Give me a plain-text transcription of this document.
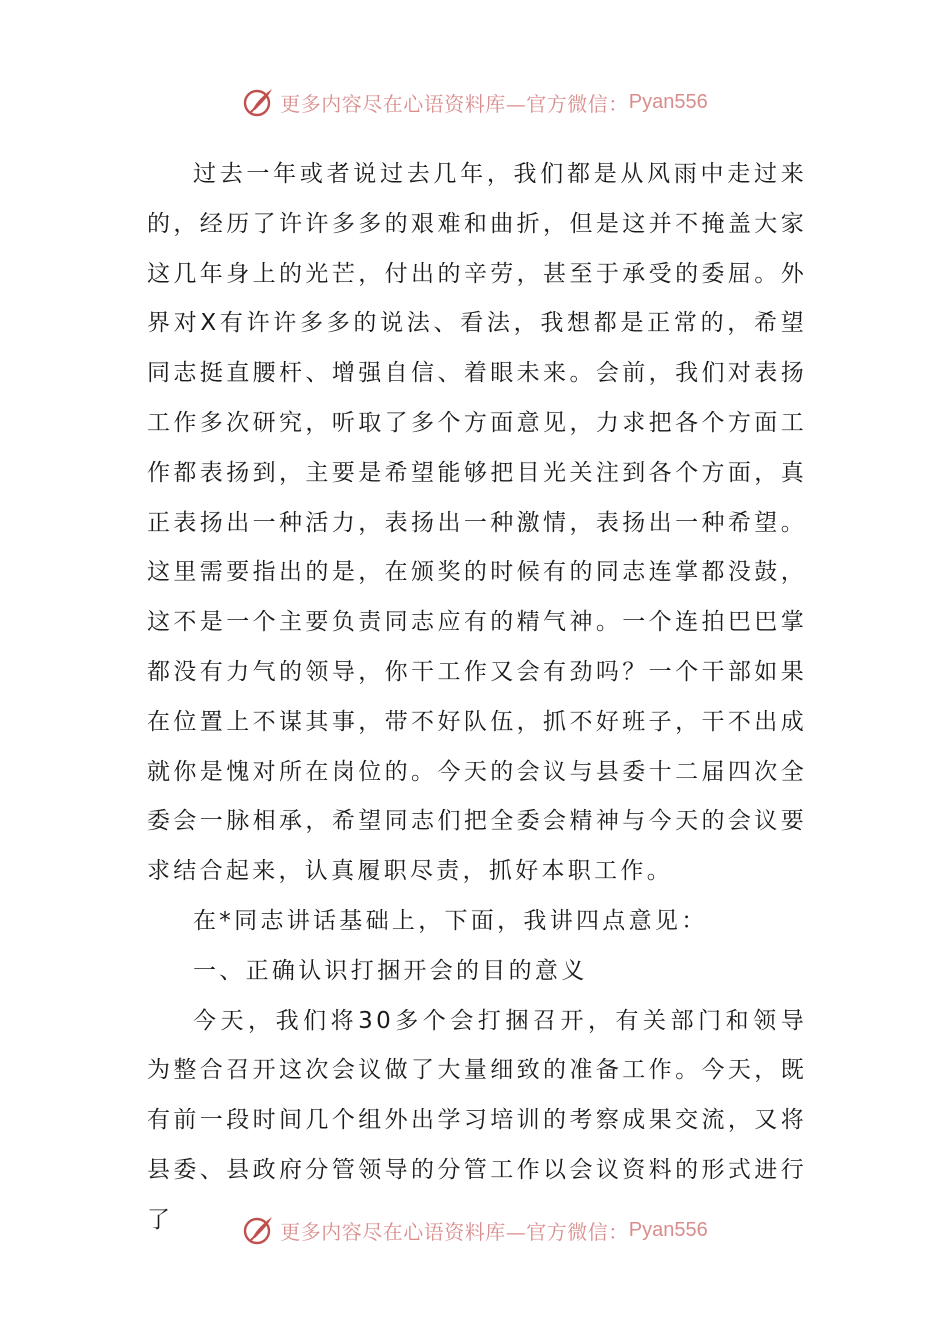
更多内容尽在心语资料库—官方微信： Pyan556

过去一年或者说过去几年，我们都是从风雨中走过来的，经历了许许多多的艰难和曲折，但是这并不掩盖大家这几年身上的光芒，付出的辛劳，甚至于承受的委屈。外界对X有许许多多的说法、看法，我想都是正常的，希望同志挺直腰杆、增强自信、着眼未来。会前，我们对表扬工作多次研究，听取了多个方面意见，力求把各个方面工作都表扬到，主要是希望能够把目光关注到各个方面，真正表扬出一种活力，表扬出一种激情，表扬出一种希望。这里需要指出的是，在颁奖的时候有的同志连掌都没鼓，这不是一个主要负责同志应有的精气神。一个连拍巴巴掌都没有力气的领导，你干工作又会有劲吗？一个干部如果在位置上不谋其事，带不好队伍，抓不好班子，干不出成就你是愧对所在岗位的。今天的会议与县委十二届四次全委会一脉相承，希望同志们把全委会精神与今天的会议要求结合起来，认真履职尽责，抓好本职工作。

在*同志讲话基础上，下面，我讲四点意见：

一、正确认识打捆开会的目的意义

今天，我们将30多个会打捆召开，有关部门和领导为整合召开这次会议做了大量细致的准备工作。今天，既有前一段时间几个组外出学习培训的考察成果交流，又将县委、县政府分管领导的分管工作以会议资料的形式进行了	更多内容尽在心语资料库—官方微信： Pyan556
